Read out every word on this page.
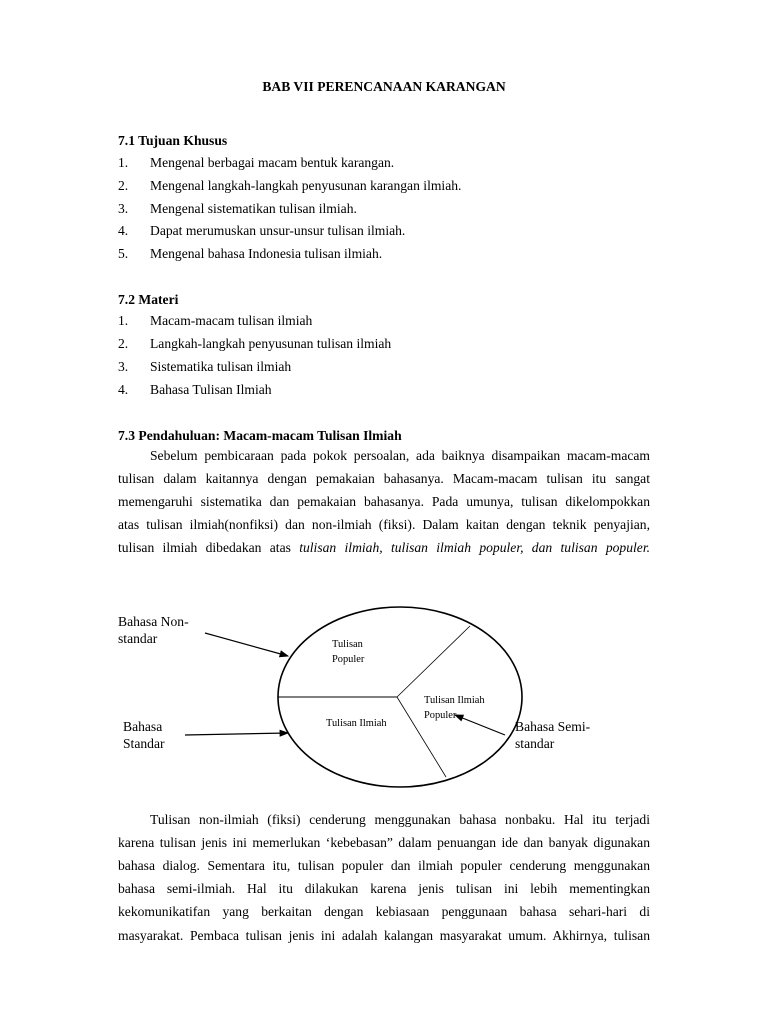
BAB VII PERENCANAAN KARANGAN
7.1 Tujuan Khusus
1. Mengenal berbagai macam bentuk karangan.
2. Mengenal langkah-langkah penyusunan karangan ilmiah.
3. Mengenal sistematikan tulisan ilmiah.
4. Dapat merumuskan unsur-unsur tulisan ilmiah.
5. Mengenal bahasa Indonesia tulisan ilmiah.
7.2 Materi
1. Macam-macam tulisan ilmiah
2. Langkah-langkah penyusunan tulisan ilmiah
3. Sistematika tulisan ilmiah
4. Bahasa Tulisan Ilmiah
7.3 Pendahuluan: Macam-macam Tulisan Ilmiah
Sebelum pembicaraan pada pokok persoalan, ada baiknya disampaikan macam-macam
tulisan dalam kaitannya dengan pemakaian bahasanya. Macam-macam tulisan itu sangat
memengaruhi sistematika dan pemakaian bahasanya. Pada umunya, tulisan dikelompokkan
atas tulisan ilmiah(nonfiksi) dan non-ilmiah (fiksi). Dalam kaitan dengan teknik penyajian,
tulisan ilmiah dibedakan atas tulisan ilmiah, tulisan ilmiah populer, dan tulisan populer.
Bahasa Non-standar
Bahasa Standar
Bahasa Semi-standar
Tulisan Populer
Tulisan Ilmiah
Tulisan Ilmiah Populer
Tulisan non-ilmiah (fiksi) cenderung menggunakan bahasa nonbaku. Hal itu terjadi
karena tulisan jenis ini memerlukan ‘kebebasan” dalam penuangan ide dan banyak digunakan
bahasa dialog. Sementara itu, tulisan populer dan ilmiah populer cenderung menggunakan
bahasa semi-ilmiah. Hal itu dilakukan karena jenis tulisan ini lebih mementingkan
kekomunikatifan yang berkaitan dengan kebiasaan penggunaan bahasa sehari-hari di
masyarakat. Pembaca tulisan jenis ini adalah kalangan masyarakat umum. Akhirnya, tulisan
